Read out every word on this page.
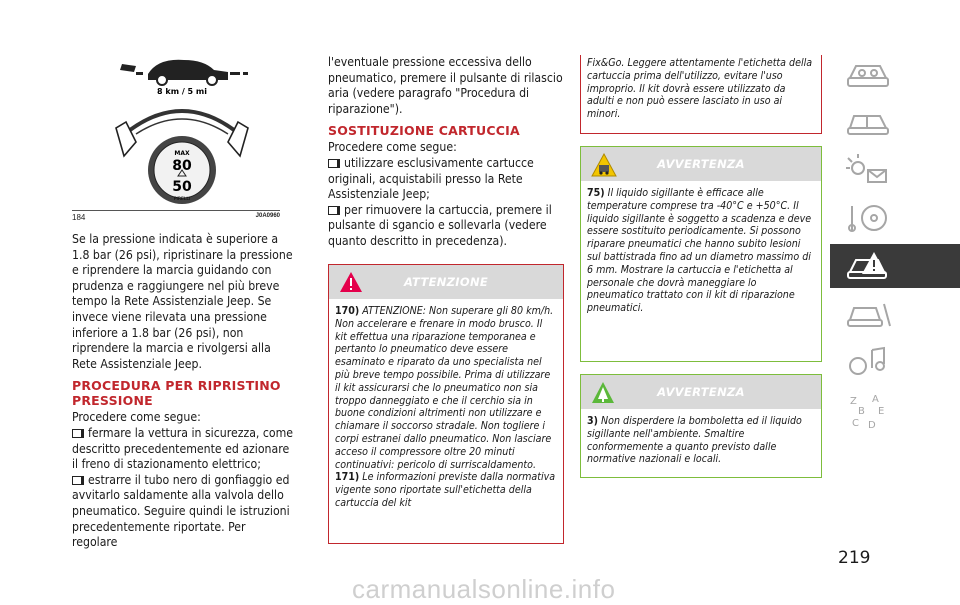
8 km / 5 mi
MAX
80
50
PIRELLI
184	J0A0960

Se la pressione indicata è superiore a 1.8 bar (26 psi), ripristinare la pressione e riprendere la marcia guidando con prudenza e raggiungere nel più breve tempo la Rete Assistenziale Jeep. Se invece viene rilevata una pressione inferiore a 1.8 bar (26 psi), non riprendere la marcia e rivolgersi alla Rete Assistenziale Jeep.

PROCEDURA PER RIPRISTINO PRESSIONE

Procedere come segue:

fermare la vettura in sicurezza, come descritto precedentemente ed azionare il freno di stazionamento elettrico;

estrarre il tubo nero di gonfiaggio ed avvitarlo saldamente alla valvola dello pneumatico. Seguire quindi le istruzioni precedentemente riportate. Per regolare

l'eventuale pressione eccessiva dello pneumatico, premere il pulsante di rilascio aria (vedere paragrafo "Procedura di riparazione").

SOSTITUZIONE CARTUCCIA

Procedere come segue:

utilizzare esclusivamente cartucce originali, acquistabili presso la Rete Assistenziale Jeep;

per rimuovere la cartuccia, premere il pulsante di sgancio e sollevarla (vedere quanto descritto in precedenza).

ATTENZIONE
170) ATTENZIONE: Non superare gli 80 km/h. Non accelerare e frenare in modo brusco. Il kit effettua una riparazione temporanea e pertanto lo pneumatico deve essere esaminato e riparato da uno specialista nel più breve tempo possibile. Prima di utilizzare il kit assicurarsi che lo pneumatico non sia troppo danneggiato e che il cerchio sia in buone condizioni altrimenti non utilizzare e chiamare il soccorso stradale. Non togliere i corpi estranei dallo pneumatico. Non lasciare acceso il compressore oltre 20 minuti continuativi: pericolo di surriscaldamento.
171) Le informazioni previste dalla normativa vigente sono riportate sull'etichetta della cartuccia del kit
Fix&Go. Leggere attentamente l'etichetta della cartuccia prima dell'utilizzo, evitare l'uso improprio. Il kit dovrà essere utilizzato da adulti e non può essere lasciato in uso ai minori.
AVVERTENZA
75) Il liquido sigillante è efficace alle temperature comprese tra -40°C e +50°C. Il liquido sigillante è soggetto a scadenza e deve essere sostituito periodicamente. Si possono riparare pneumatici che hanno subito lesioni sul battistrada fino ad un diametro massimo di 6 mm. Mostrare la cartuccia e l'etichetta al personale che dovrà maneggiare lo pneumatico trattato con il kit di riparazione pneumatici.
AVVERTENZA
3) Non disperdere la bomboletta ed il liquido sigillante nell'ambiente. Smaltire conformemente a quanto previsto dalle normative nazionali e locali.
Z A
B E
C D
219
carmanualsonline.info
